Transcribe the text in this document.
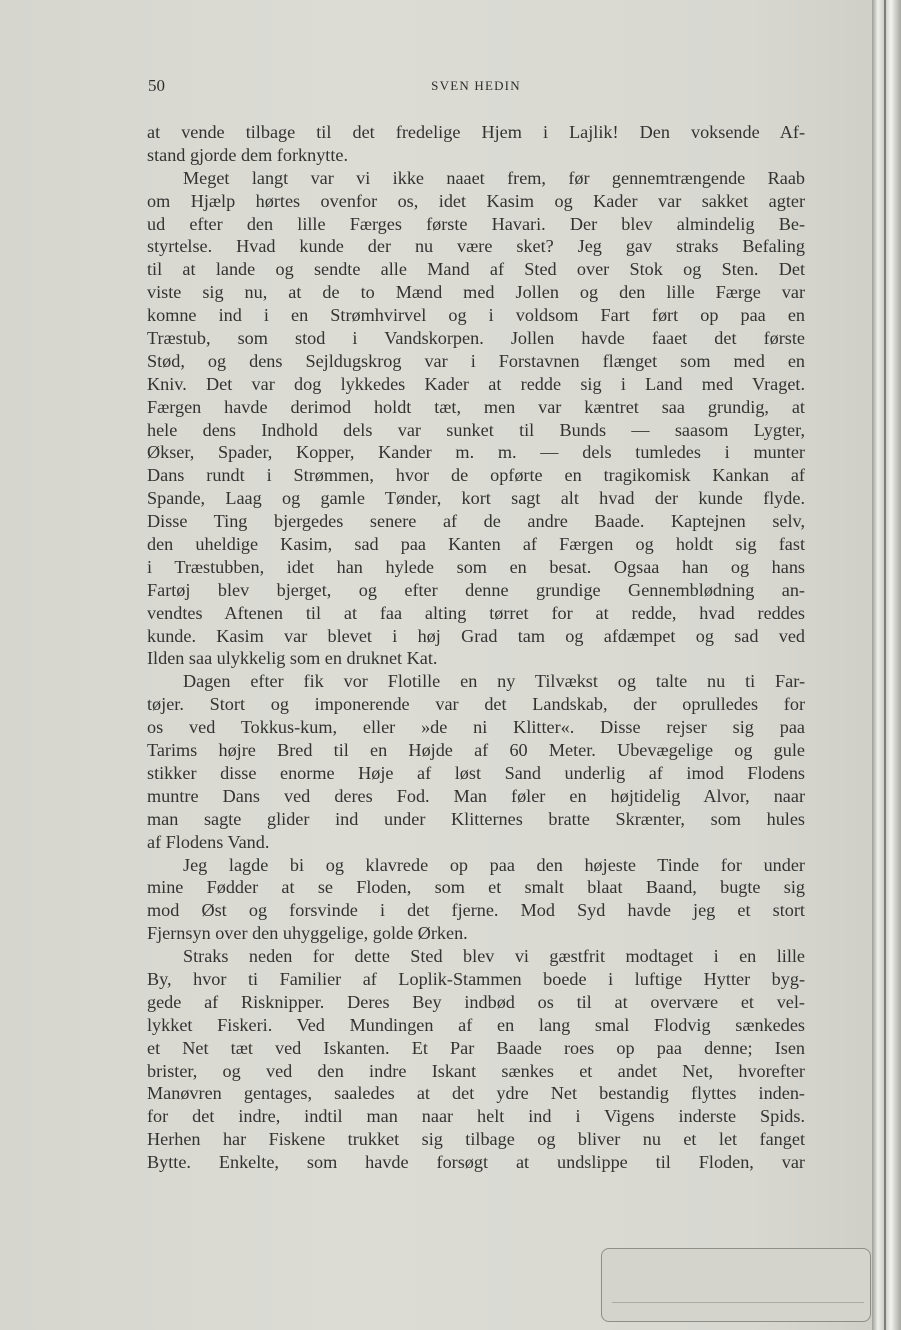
50	SVEN HEDIN
at vende tilbage til det fredelige Hjem i Lajlik! Den voksende Af-
stand gjorde dem forknytte.
Meget langt var vi ikke naaet frem, før gennemtrængende Raab
om Hjælp hørtes ovenfor os, idet Kasim og Kader var sakket agter
ud efter den lille Færges første Havari. Der blev almindelig Be-
styrtelse. Hvad kunde der nu være sket? Jeg gav straks Befaling
til at lande og sendte alle Mand af Sted over Stok og Sten. Det
viste sig nu, at de to Mænd med Jollen og den lille Færge var
komne ind i en Strømhvirvel og i voldsom Fart ført op paa en
Træstub, som stod i Vandskorpen. Jollen havde faaet det første
Stød, og dens Sejldugskrog var i Forstavnen flænget som med en
Kniv. Det var dog lykkedes Kader at redde sig i Land med Vraget.
Færgen havde derimod holdt tæt, men var kæntret saa grundig, at
hele dens Indhold dels var sunket til Bunds — saasom Lygter,
Økser, Spader, Kopper, Kander m. m. — dels tumledes i munter
Dans rundt i Strømmen, hvor de opførte en tragikomisk Kankan af
Spande, Laag og gamle Tønder, kort sagt alt hvad der kunde flyde.
Disse Ting bjergedes senere af de andre Baade. Kaptejnen selv,
den uheldige Kasim, sad paa Kanten af Færgen og holdt sig fast
i Træstubben, idet han hylede som en besat. Ogsaa han og hans
Fartøj blev bjerget, og efter denne grundige Gennemblødning an-
vendtes Aftenen til at faa alting tørret for at redde, hvad reddes
kunde. Kasim var blevet i høj Grad tam og afdæmpet og sad ved
Ilden saa ulykkelig som en druknet Kat.
Dagen efter fik vor Flotille en ny Tilvækst og talte nu ti Far-
tøjer. Stort og imponerende var det Landskab, der oprulledes for
os ved Tokkus-kum, eller »de ni Klitter«. Disse rejser sig paa
Tarims højre Bred til en Højde af 60 Meter. Ubevægelige og gule
stikker disse enorme Høje af løst Sand underlig af imod Flodens
muntre Dans ved deres Fod. Man føler en højtidelig Alvor, naar
man sagte glider ind under Klitternes bratte Skrænter, som hules
af Flodens Vand.
Jeg lagde bi og klavrede op paa den højeste Tinde for under
mine Fødder at se Floden, som et smalt blaat Baand, bugte sig
mod Øst og forsvinde i det fjerne. Mod Syd havde jeg et stort
Fjernsyn over den uhyggelige, golde Ørken.
Straks neden for dette Sted blev vi gæstfrit modtaget i en lille
By, hvor ti Familier af Loplik-Stammen boede i luftige Hytter byg-
gede af Risknipper. Deres Bey indbød os til at overvære et vel-
lykket Fiskeri. Ved Mundingen af en lang smal Flodvig sænkedes
et Net tæt ved Iskanten. Et Par Baade roes op paa denne; Isen
brister, og ved den indre Iskant sænkes et andet Net, hvorefter
Manøvren gentages, saaledes at det ydre Net bestandig flyttes inden-
for det indre, indtil man naar helt ind i Vigens inderste Spids.
Herhen har Fiskene trukket sig tilbage og bliver nu et let fanget
Bytte. Enkelte, som havde forsøgt at undslippe til Floden, var
